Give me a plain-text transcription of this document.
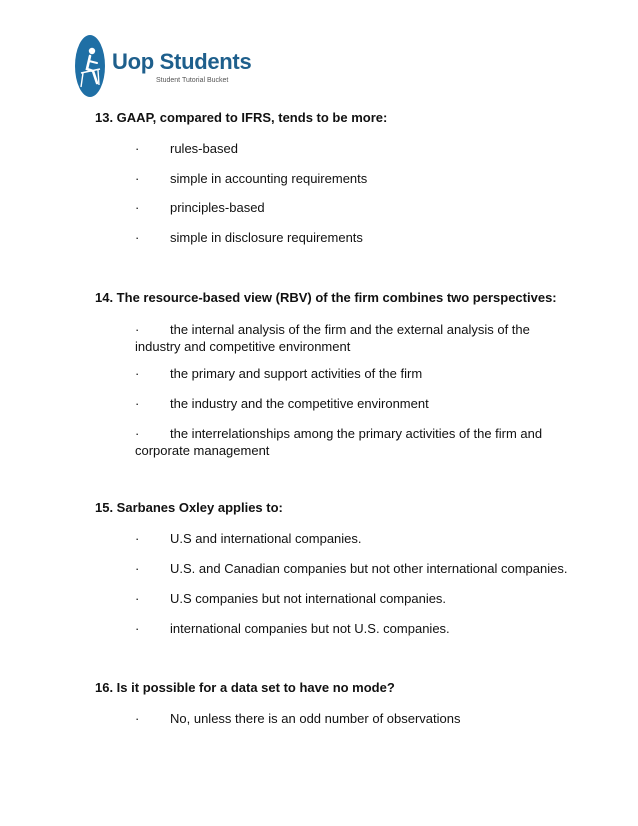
Uop Students
Student Tutorial Bucket
13. GAAP, compared to IFRS, tends to be more:
· rules-based
· simple in accounting requirements
· principles-based
· simple in disclosure requirements
14. The resource-based view (RBV) of the firm combines two perspectives:
· the internal analysis of the firm and the external analysis of the
industry and competitive environment
· the primary and support activities of the firm
· the industry and the competitive environment
· the interrelationships among the primary activities of the firm and
corporate management
15. Sarbanes Oxley applies to:
· U.S and international companies.
· U.S. and Canadian companies but not other international companies.
· U.S companies but not international companies.
· international companies but not U.S. companies.
16. Is it possible for a data set to have no mode?
· No, unless there is an odd number of observations
